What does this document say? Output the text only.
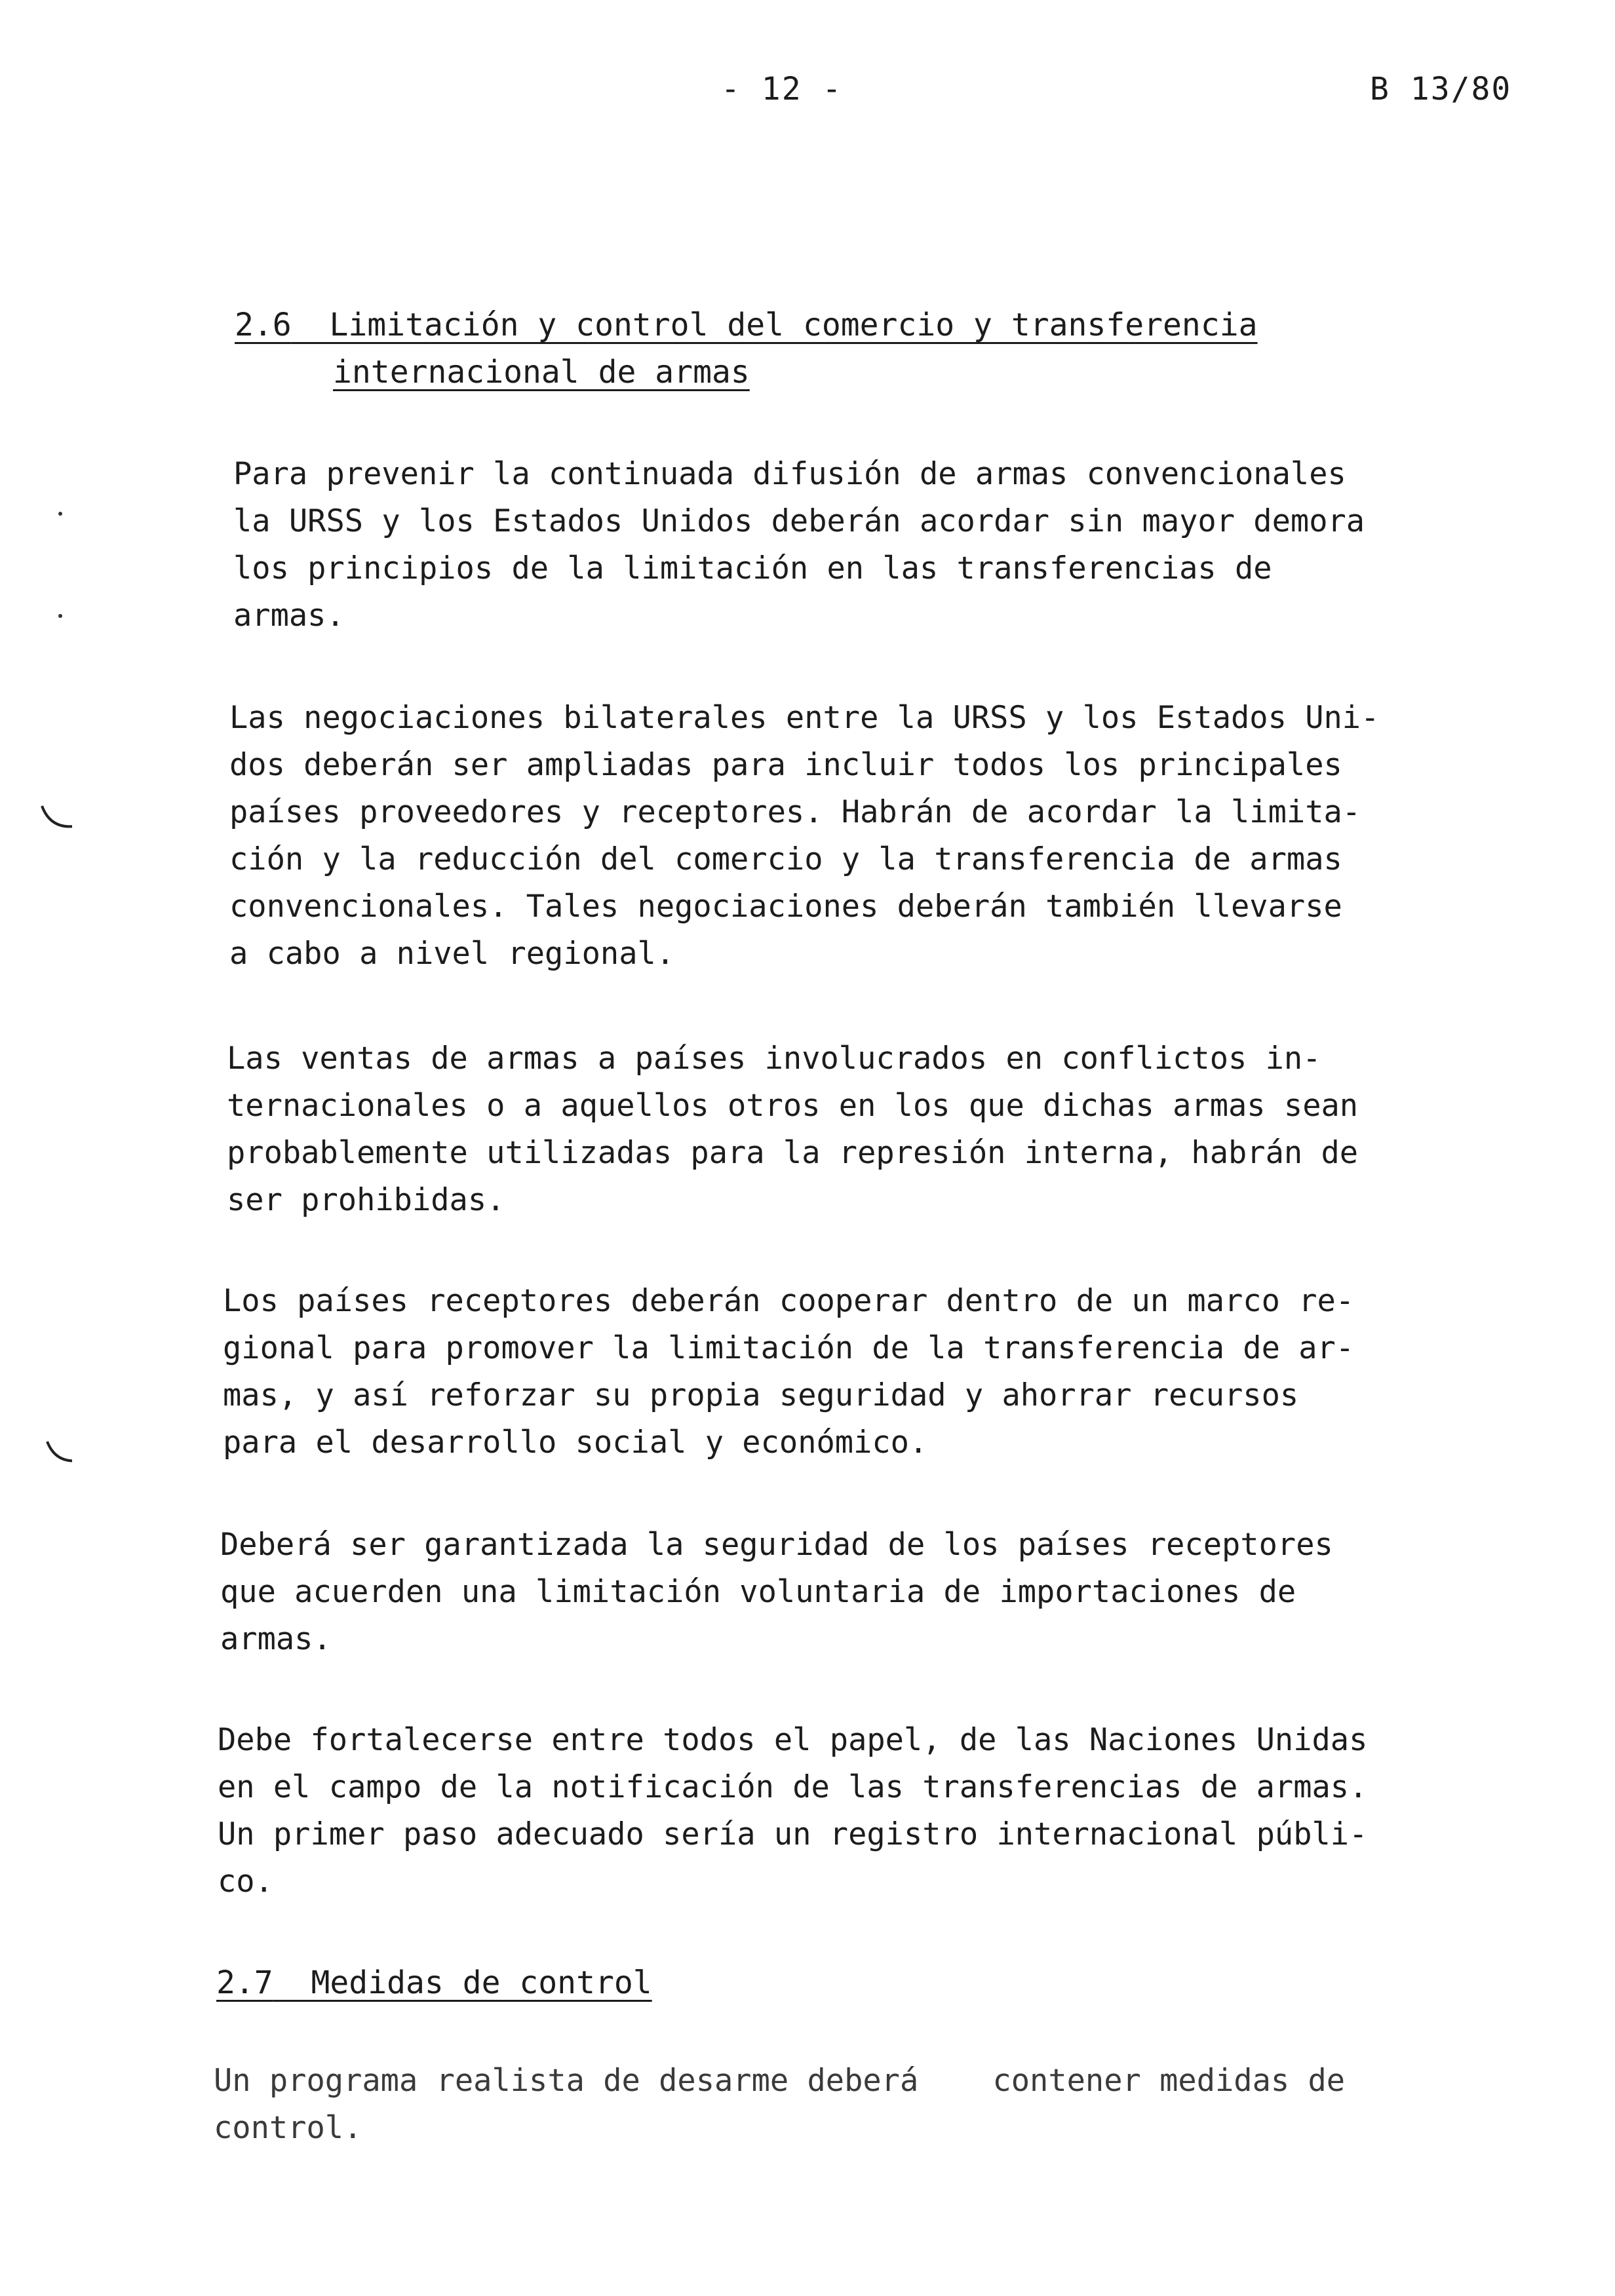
- 12 -	B 13/80
2.6 Limitación y control del comercio y transferencia
internacional de armas
Para prevenir la continuada difusión de armas convencionales
la URSS y los Estados Unidos deberán acordar sin mayor demora
los principios de la limitación en las transferencias de
armas.
Las negociaciones bilaterales entre la URSS y los Estados Uni-
dos deberán ser ampliadas para incluir todos los principales
países proveedores y receptores. Habrán de acordar la limita-
ción y la reducción del comercio y la transferencia de armas
convencionales. Tales negociaciones deberán también llevarse
a cabo a nivel regional.
Las ventas de armas a países involucrados en conflictos in-
ternacionales o a aquellos otros en los que dichas armas sean
probablemente utilizadas para la represión interna, habrán de
ser prohibidas.
Los países receptores deberán cooperar dentro de un marco re-
gional para promover la limitación de la transferencia de ar-
mas, y así reforzar su propia seguridad y ahorrar recursos
para el desarrollo social y económico.
Deberá ser garantizada la seguridad de los países receptores
que acuerden una limitación voluntaria de importaciones de
armas.
Debe fortalecerse entre todos el papel, de las Naciones Unidas
en el campo de la notificación de las transferencias de armas.
Un primer paso adecuado sería un registro internacional públi-
co.
2.7 Medidas de control
Un programa realista de desarme deberá    contener medidas de
control.
